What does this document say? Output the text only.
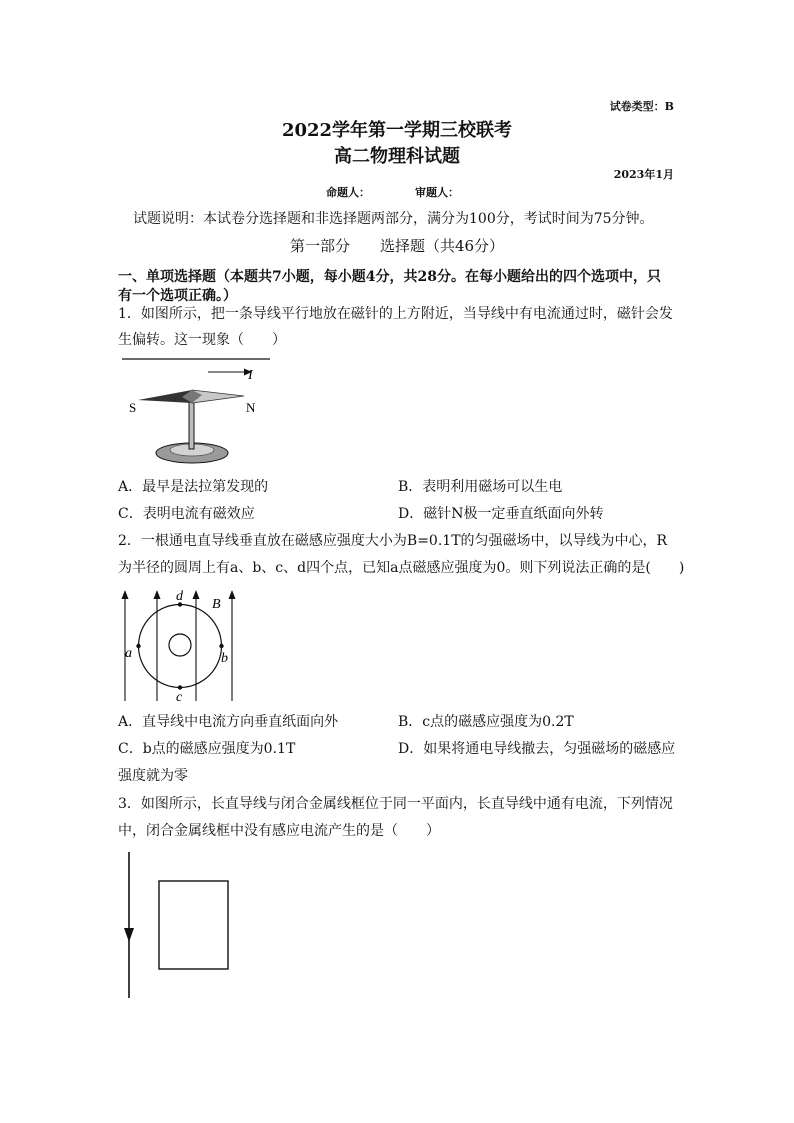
试卷类型：B
2022学年第一学期三校联考
高二物理科试题
2023年1月
命题人：	审题人：
试题说明：本试卷分选择题和非选择题两部分，满分为100分，考试时间为75分钟。
第一部分　　选择题（共46分）
一、单项选择题（本题共7小题，每小题4分，共28分。在每小题给出的四个选项中，只
有一个选项正确。）
1．如图所示，把一条导线平行地放在磁针的上方附近，当导线中有电流通过时，磁针会发
生偏转。这一现象（　　）
I
S	N
A．最早是法拉第发现的	B．表明利用磁场可以生电
C．表明电流有磁效应	D．磁针N极一定垂直纸面向外转
2．一根通电直导线垂直放在磁感应强度大小为B=0.1T的匀强磁场中，以导线为中心，R
为半径的圆周上有a、b、c、d四个点，已知a点磁感应强度为0。则下列说法正确的是(　　)
d
B
a	b
c
A．直导线中电流方向垂直纸面向外	B．c点的磁感应强度为0.2T
C．b点的磁感应强度为0.1T	D．如果将通电导线撤去，匀强磁场的磁感应
强度就为零
3．如图所示，长直导线与闭合金属线框位于同一平面内，长直导线中通有电流，下列情况
中，闭合金属线框中没有感应电流产生的是（　　）
